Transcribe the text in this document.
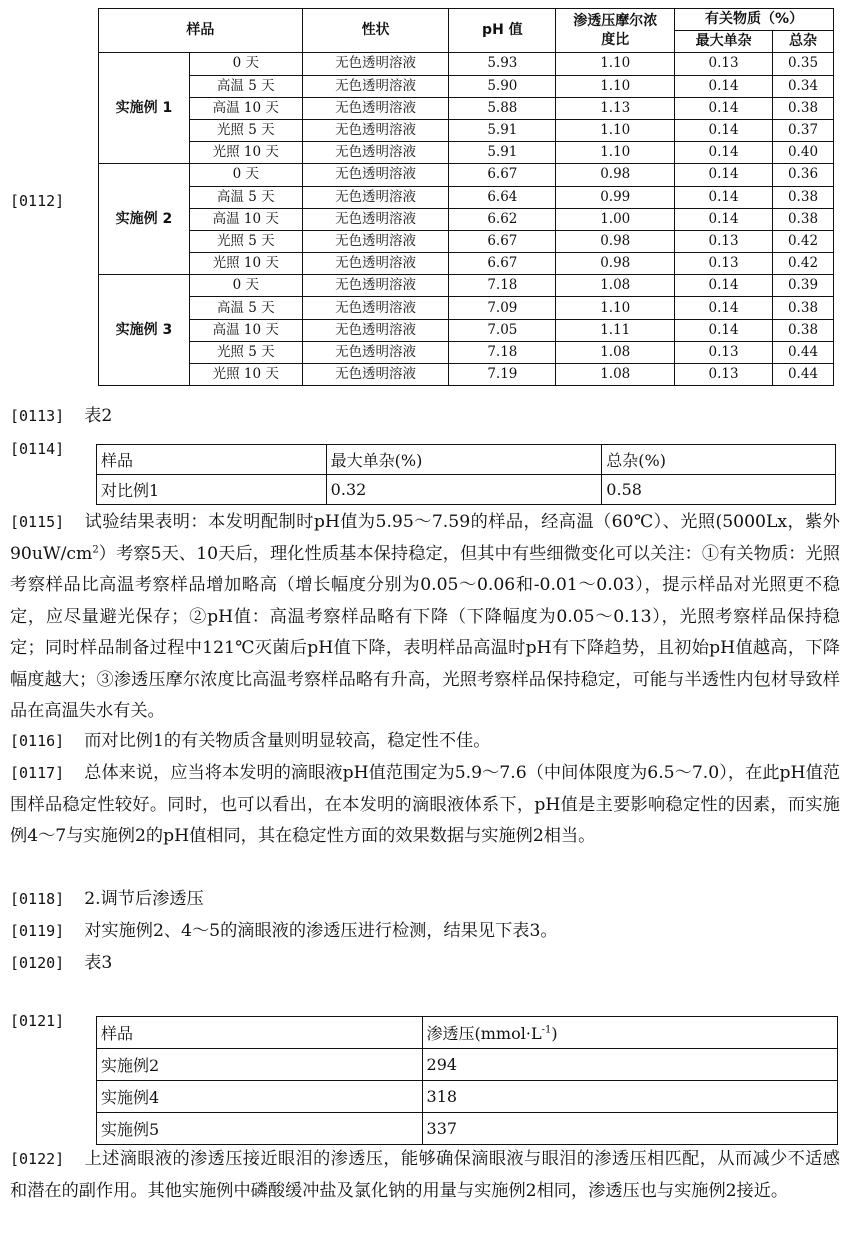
[0112]
样品		性状	pH 值	渗透压摩尔浓度比	有关物质（%）	
					最大单杂	总杂
实施例 1	0 天	无色透明溶液	5.93	1.10	0.13	0.35
	高温 5 天	无色透明溶液	5.90	1.10	0.14	0.34
	高温 10 天	无色透明溶液	5.88	1.13	0.14	0.38
	光照 5 天	无色透明溶液	5.91	1.10	0.14	0.37
	光照 10 天	无色透明溶液	5.91	1.10	0.14	0.40
实施例 2	0 天	无色透明溶液	6.67	0.98	0.14	0.36
	高温 5 天	无色透明溶液	6.64	0.99	0.14	0.38
	高温 10 天	无色透明溶液	6.62	1.00	0.14	0.38
	光照 5 天	无色透明溶液	6.67	0.98	0.13	0.42
	光照 10 天	无色透明溶液	6.67	0.98	0.13	0.42
实施例 3	0 天	无色透明溶液	7.18	1.08	0.14	0.39
	高温 5 天	无色透明溶液	7.09	1.10	0.14	0.38
	高温 10 天	无色透明溶液	7.05	1.11	0.14	0.38
	光照 5 天	无色透明溶液	7.18	1.08	0.13	0.44
	光照 10 天	无色透明溶液	7.19	1.08	0.13	0.44
[0113] 表2
[0114]
样品	最大单杂(%)	总杂(%)
对比例1	0.32	0.58
[0115] 试验结果表明：本发明配制时pH值为5.95～7.59的样品，经高温（60℃）、光照(5000Lx，紫外$90uW/cm^2$）考察5天、10天后，理化性质基本保持稳定，但其中有些细微变化可以关注：①有关物质：光照考察样品比高温考察样品增加略高（增长幅度分别为0.05～0.06和-0.01～0.03），提示样品对光照更不稳定，应尽量避光保存；②pH值：高温考察样品略有下降（下降幅度为0.05～0.13），光照考察样品保持稳定；同时样品制备过程中121℃灭菌后pH值下降，表明样品高温时pH有下降趋势，且初始pH值越高，下降幅度越大；③渗透压摩尔浓度比高温考察样品略有升高，光照考察样品保持稳定，可能与半透性内包材导致样品在高温失水有关。
[0116] 而对比例1的有关物质含量则明显较高，稳定性不佳。
[0117] 总体来说，应当将本发明的滴眼液pH值范围定为5.9～7.6（中间体限度为6.5～7.0），在此pH值范围样品稳定性较好。同时，也可以看出，在本发明的滴眼液体系下，pH值是主要影响稳定性的因素，而实施例4～7与实施例2的pH值相同，其在稳定性方面的效果数据与实施例2相当。
[0118] 2.调节后渗透压
[0119] 对实施例2、4～5的滴眼液的渗透压进行检测，结果见下表3。
[0120] 表3
[0121]
样品	渗透压$(mmol\cdot L^{-1})$
实施例2	294
实施例4	318
实施例5	337
[0122] 上述滴眼液的渗透压接近眼泪的渗透压，能够确保滴眼液与眼泪的渗透压相匹配，从而减少不适感和潜在的副作用。其他实施例中磷酸缓冲盐及氯化钠的用量与实施例2相同，渗透压也与实施例2接近。
